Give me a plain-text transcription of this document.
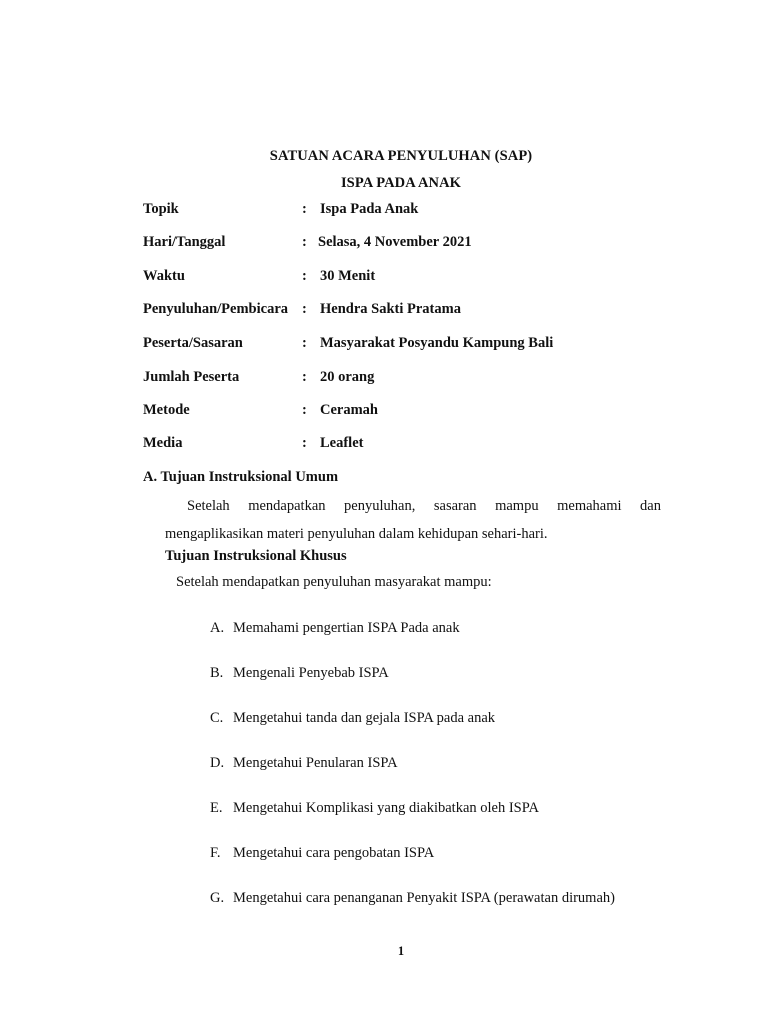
SATUAN ACARA PENYULUHAN (SAP)
ISPA PADA ANAK
Topik	: Ispa Pada Anak
Hari/Tanggal	: Selasa, 4 November 2021
Waktu	: 30 Menit
Penyuluhan/Pembicara : Hendra Sakti Pratama
Peserta/Sasaran	: Masyarakat Posyandu Kampung Bali
Jumlah Peserta	: 20 orang
Metode	: Ceramah
Media	: Leaflet
A. Tujuan Instruksional Umum
Setelah mendapatkan penyuluhan, sasaran mampu memahami dan
mengaplikasikan materi penyuluhan dalam kehidupan sehari-hari.
Tujuan Instruksional Khusus
Setelah mendapatkan penyuluhan masyarakat mampu:
A. Memahami pengertian ISPA Pada anak
B. Mengenali Penyebab ISPA
C. Mengetahui tanda dan gejala ISPA pada anak
D. Mengetahui Penularan ISPA
E. Mengetahui Komplikasi yang diakibatkan oleh ISPA
F. Mengetahui cara pengobatan ISPA
G. Mengetahui cara penanganan Penyakit ISPA (perawatan dirumah)
1
